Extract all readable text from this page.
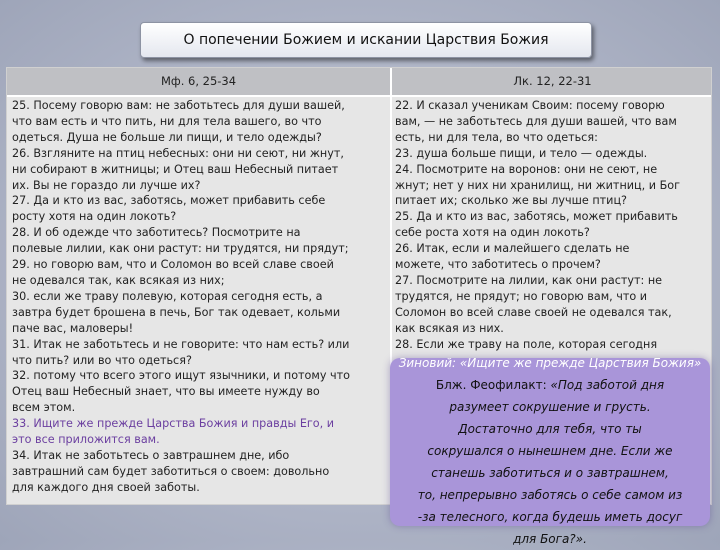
О попечении Божием и искании Царствия Божия
Мф. 6, 25-34	Лк. 12, 22-31
25. Посему говорю вам: не заботьтесь для души вашей,
что вам есть и что пить, ни для тела вашего, во что
одеться. Душа не больше ли пищи, и тело одежды?
26. Взгляните на птиц небесных: они ни сеют, ни жнут,
ни собирают в житницы; и Отец ваш Небесный питает
их. Вы не гораздо ли лучше их?
27. Да и кто из вас, заботясь, может прибавить себе
росту хотя на один локоть?
28. И об одежде что заботитесь? Посмотрите на
полевые лилии, как они растут: ни трудятся, ни прядут;
29. но говорю вам, что и Соломон во всей славе своей
не одевался так, как всякая из них;
30. если же траву полевую, которая сегодня есть, а
завтра будет брошена в печь, Бог так одевает, кольми
паче вас, маловеры!
31. Итак не заботьтесь и не говорите: что нам есть? или
что пить? или во что одеться?
32. потому что всего этого ищут язычники, и потому что
Отец ваш Небесный знает, что вы имеете нужду во
всем этом.
33. Ищите же прежде Царства Божия и правды Его, и
это все приложится вам.
34. Итак не заботьтесь о завтрашнем дне, ибо
завтрашний сам будет заботиться о своем: довольно
для каждого дня своей заботы.
22. И сказал ученикам Своим: посему говорю
вам, — не заботьтесь для души вашей, что вам
есть, ни для тела, во что одеться:
23. душа больше пищи, и тело — одежды.
24. Посмотрите на воронов: они не сеют, не
жнут; нет у них ни хранилищ, ни житниц, и Бог
питает их; сколько же вы лучше птиц?
25. Да и кто из вас, заботясь, может прибавить
себе роста хотя на один локоть?
26. Итак, если и малейшего сделать не
можете, что заботитесь о прочем?
27. Посмотрите на лилии, как они растут: не
трудятся, не прядут; но говорю вам, что и
Соломон во всей славе своей не одевался так,
как всякая из них.
28. Если же траву на поле, которая сегодня
Зиновий: «Ищите же прежде Царствия Божия»
Блж. Феофилакт: «Под заботой дня
разумеет сокрушение и грусть.
Достаточно для тебя, что ты
сокрушался о нынешнем дне. Если же
станешь заботиться и о завтрашнем,
то, непрерывно заботясь о себе самом из
-за телесного, когда будешь иметь досуг
для Бога?».
